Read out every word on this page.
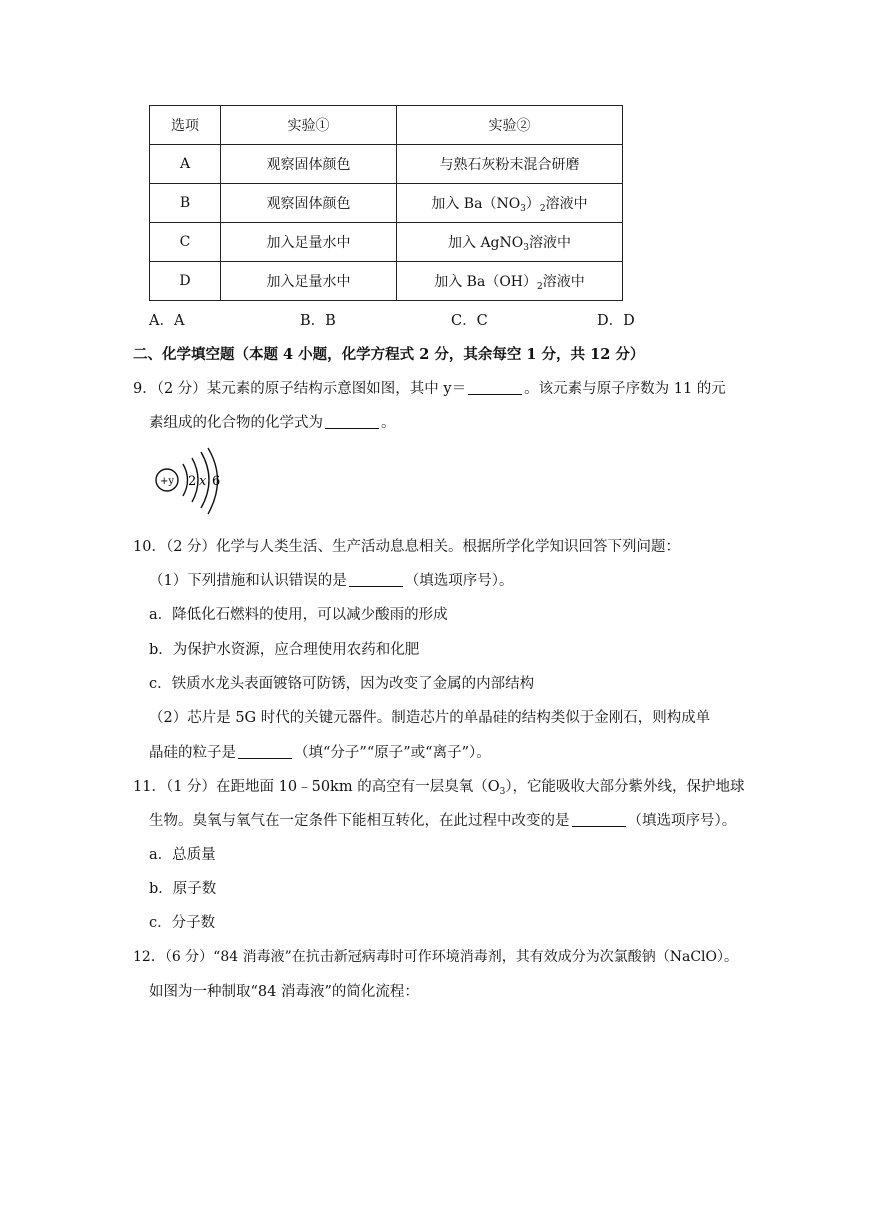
选项	实验①	实验②
A	观察固体颜色	与熟石灰粉末混合研磨
B	观察固体颜色	加入 $Ba(NO_3)_2$溶液中
C	加入足量水中	加入 AgNO$_3$溶液中
D	加入足量水中	加入 $Ba(OH)_2$溶液中
A．A	B．B	C．C	D．D
二、化学填空题（本题 4 小题，化学方程式 2 分，其余每空 1 分，共 12 分）
9．（2 分）某元素的原子结构示意图如图，其中 y＝	。该元素与原子序数为 11 的元
素组成的化合物的化学式为	。
+y 2 x 6
10．（2 分）化学与人类生活、生产活动息息相关。根据所学化学知识回答下列问题：
（1）下列措施和认识错误的是	（填选项序号）。
a．降低化石燃料的使用，可以减少酸雨的形成
b．为保护水资源，应合理使用农药和化肥
c．铁质水龙头表面镀铬可防锈，因为改变了金属的内部结构
（2）芯片是 5G 时代的关键元器件。制造芯片的单晶硅的结构类似于金刚石，则构成单
晶硅的粒子是	（填“分子”“原子”或“离子”）。
11．（1 分）在距地面 10﹣50km 的高空有一层臭氧$(O_3)$，它能吸收大部分紫外线，保护地球
生物。臭氧与氧气在一定条件下能相互转化，在此过程中改变的是	（填选项序号）。
a．总质量
b．原子数
c．分子数
12．（6 分）“84 消毒液”在抗击新冠病毒时可作环境消毒剂，其有效成分为次氯酸钠（NaClO）。
如图为一种制取“84 消毒液”的简化流程：
